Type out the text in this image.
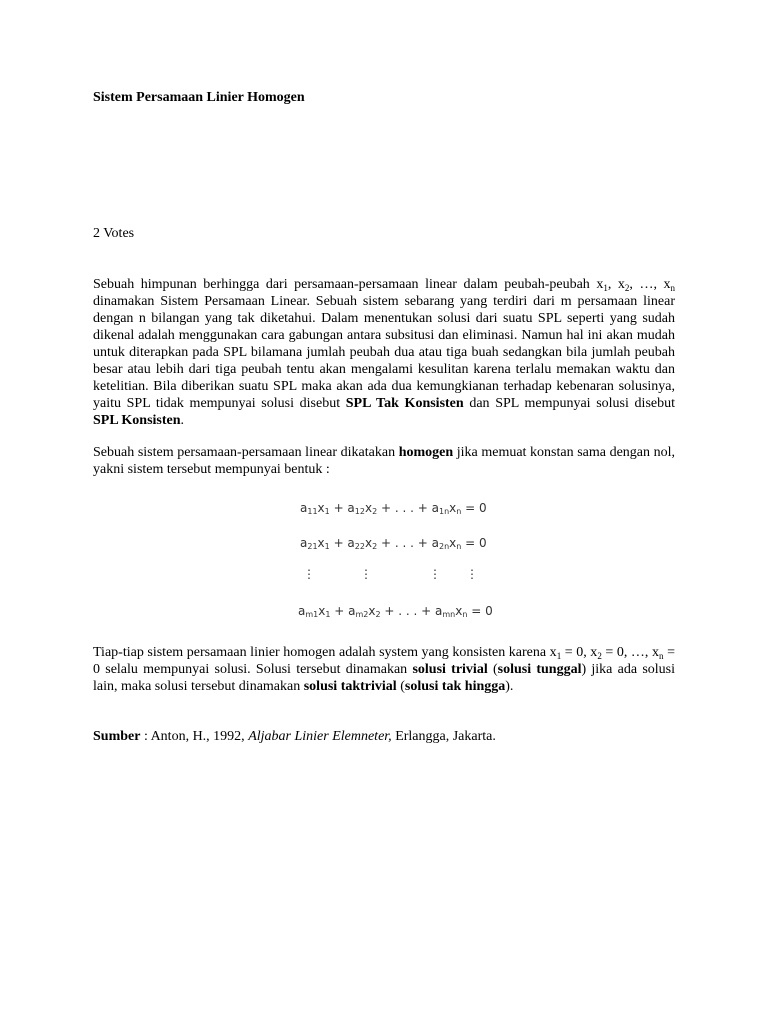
Sistem Persamaan Linier Homogen
2 Votes

Sebuah himpunan berhingga dari persamaan-persamaan linear dalam peubah-peubah $x_1$, $x_2$, …, $x_n$ dinamakan Sistem Persamaan Linear. Sebuah sistem sebarang yang terdiri dari m persamaan linear dengan n bilangan yang tak diketahui. Dalam menentukan solusi dari suatu SPL seperti yang sudah dikenal adalah menggunakan cara gabungan antara subsitusi dan eliminasi. Namun hal ini akan mudah untuk diterapkan pada SPL bilamana jumlah peubah dua atau tiga buah sedangkan bila jumlah peubah besar atau lebih dari tiga peubah tentu akan mengalami kesulitan karena terlalu memakan waktu dan ketelitian. Bila diberikan suatu SPL maka akan ada dua kemungkianan terhadap kebenaran solusinya, yaitu SPL tidak mempunyai solusi disebut SPL Tak Konsisten dan SPL mempunyai solusi disebut SPL Konsisten.

Sebuah sistem persamaan-persamaan linear dikatakan homogen jika memuat konstan sama dengan nol, yakni sistem tersebut mempunyai bentuk :

$a_{11}x_1 + a_{12}x_2$ + . . . + $a_{1n}x_n = 0$
$a_{21}x_1 + a_{22}x_2$ + . . . + $a_{2n}x_n = 0$
⋮	⋮	⋮ ⋮
$a_{m1}x_1 + a_{m2}x_2$ + . . . + $a_{mn}x_n = 0$

Tiap-tiap sistem persamaan linier homogen adalah system yang konsisten karena $x_1 = 0$, $x_2 = 0$, …, $x_n = 0$ selalu mempunyai solusi. Solusi tersebut dinamakan solusi trivial (solusi tunggal) jika ada solusi lain, maka solusi tersebut dinamakan solusi taktrivial (solusi tak hingga).

Sumber : Anton, H., 1992, Aljabar Linier Elemneter, Erlangga, Jakarta.
